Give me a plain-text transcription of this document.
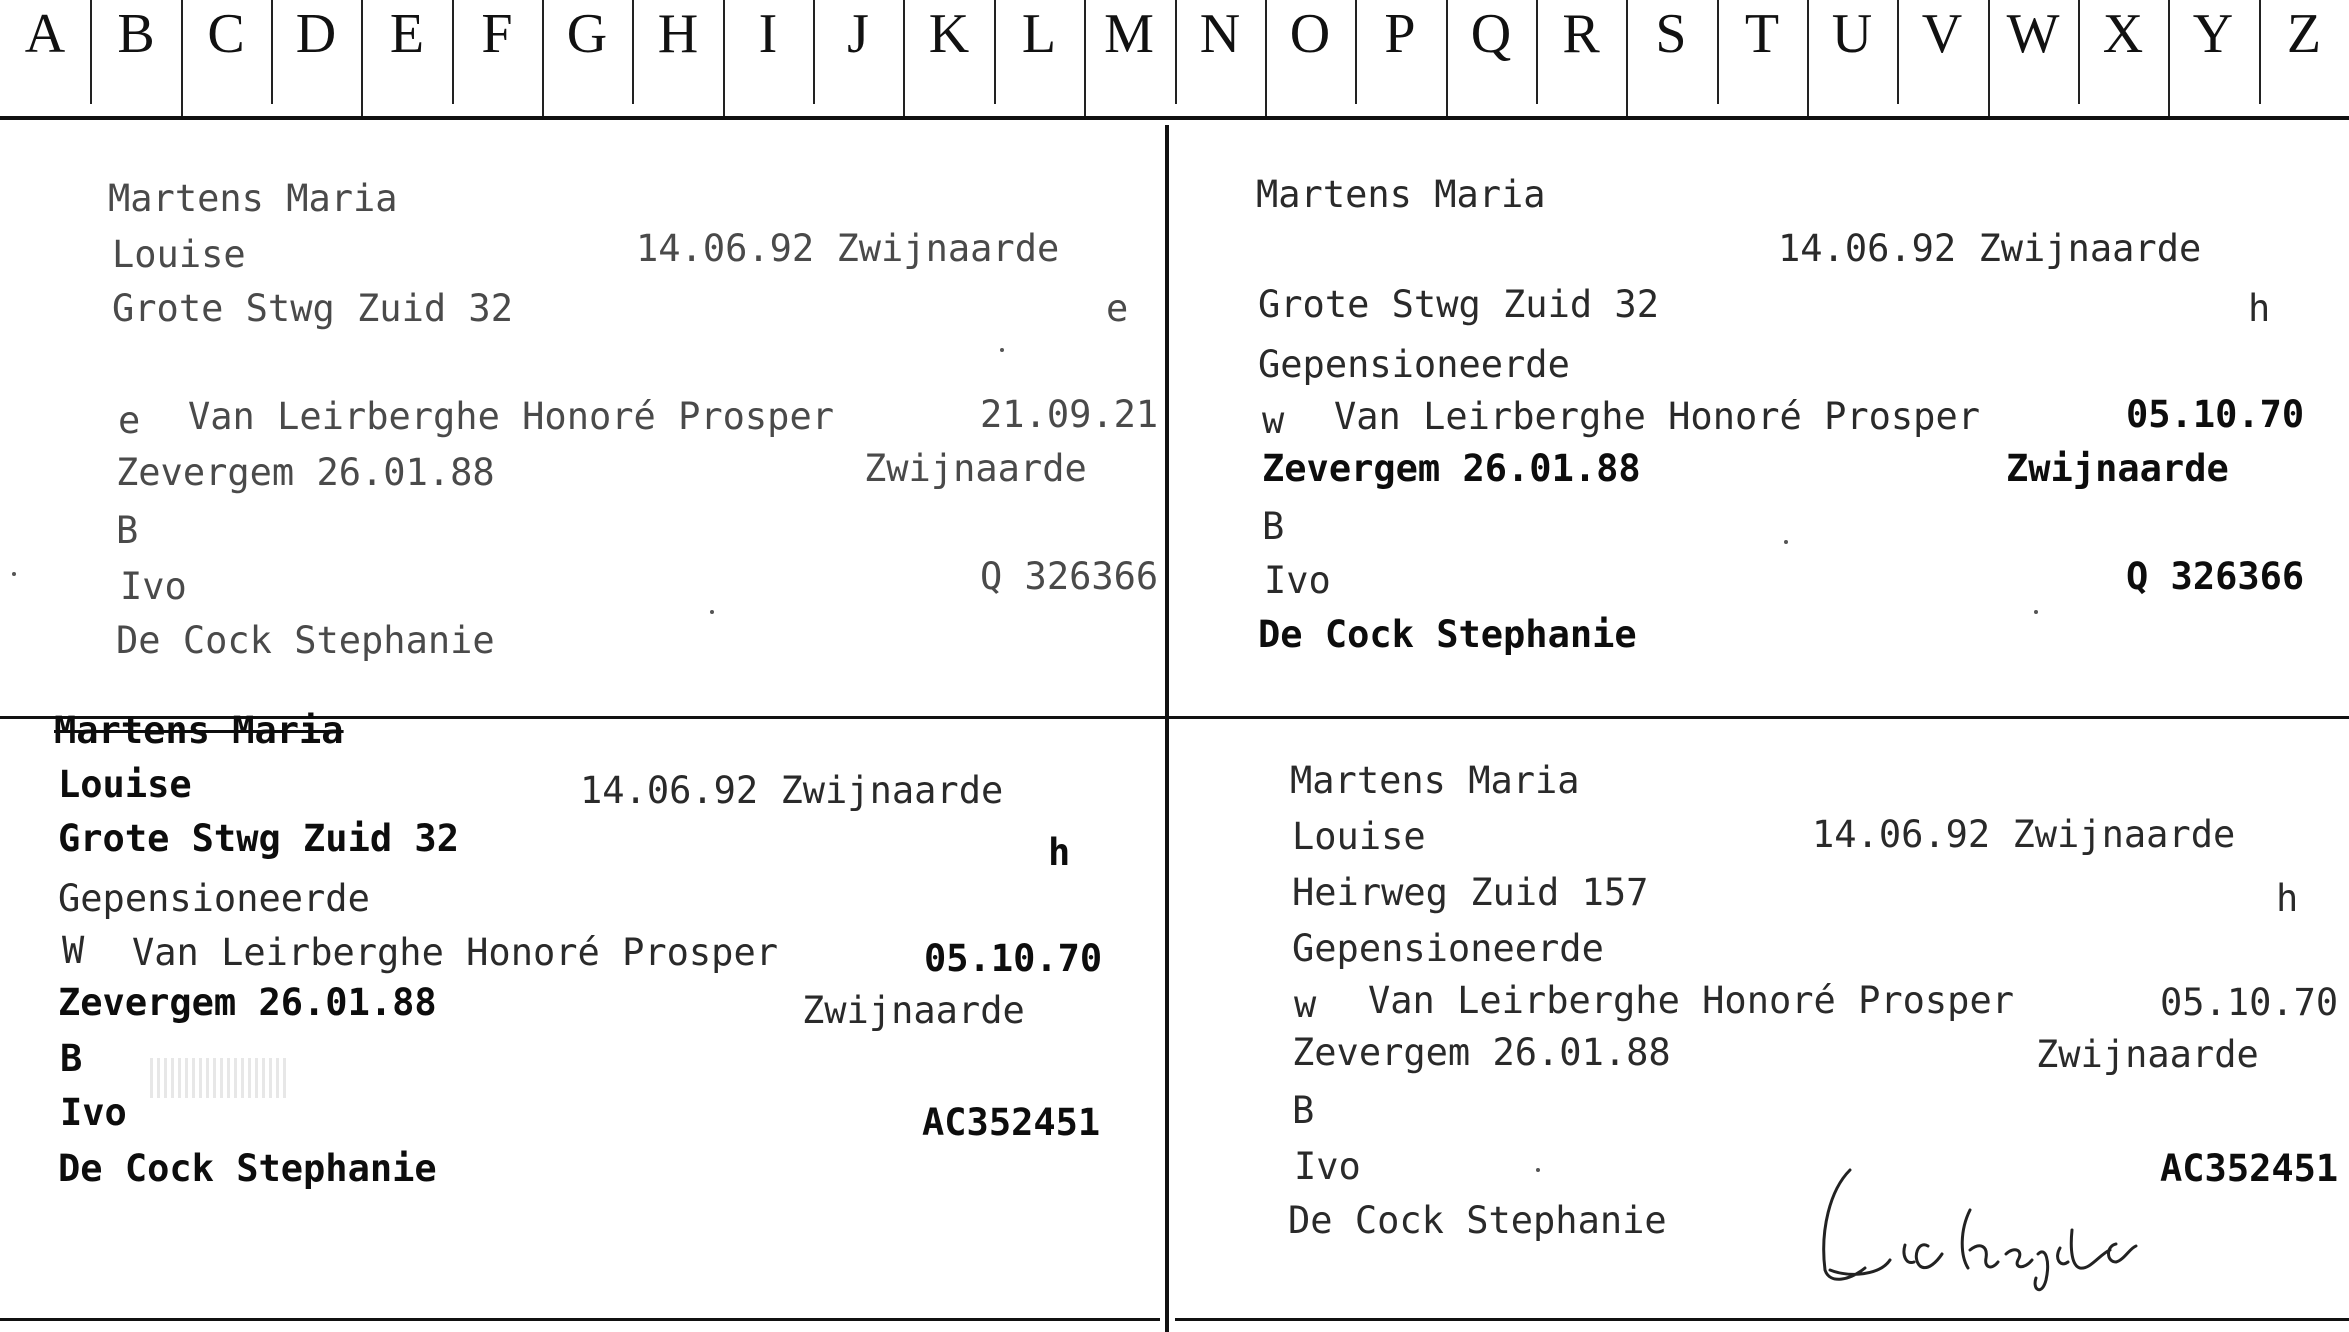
A B C D E F G H I J K L M N O P Q R S T U V W X Y Z
Martens Maria
Louise	14.06.92 Zwijnaarde
Grote Stwg Zuid 32	e
e Van Leirberghe Honoré Prosper	21.09.21
Zevergem 26.01.88	Zwijnaarde
B
Ivo	Q 326366
De Cock Stephanie
Martens Maria
14.06.92 Zwijnaarde
Grote Stwg Zuid 32	h
Gepensioneerde
w Van Leirberghe Honoré Prosper	05.10.70
Zevergem 26.01.88	Zwijnaarde
B
Ivo	Q 326366
De Cock Stephanie
Martens Maria
Louise	14.06.92 Zwijnaarde
Grote Stwg Zuid 32	h
Gepensioneerde
W Van Leirberghe Honoré Prosper	05.10.70
Zevergem 26.01.88	Zwijnaarde
B
Ivo	AC352451
De Cock Stephanie
Martens Maria
Louise	14.06.92 Zwijnaarde
Heirweg Zuid 157	h
Gepensioneerde
w Van Leirberghe Honoré Prosper	05.10.70
Zevergem 26.01.88	Zwijnaarde
B
Ivo	AC352451
De Cock Stephanie
